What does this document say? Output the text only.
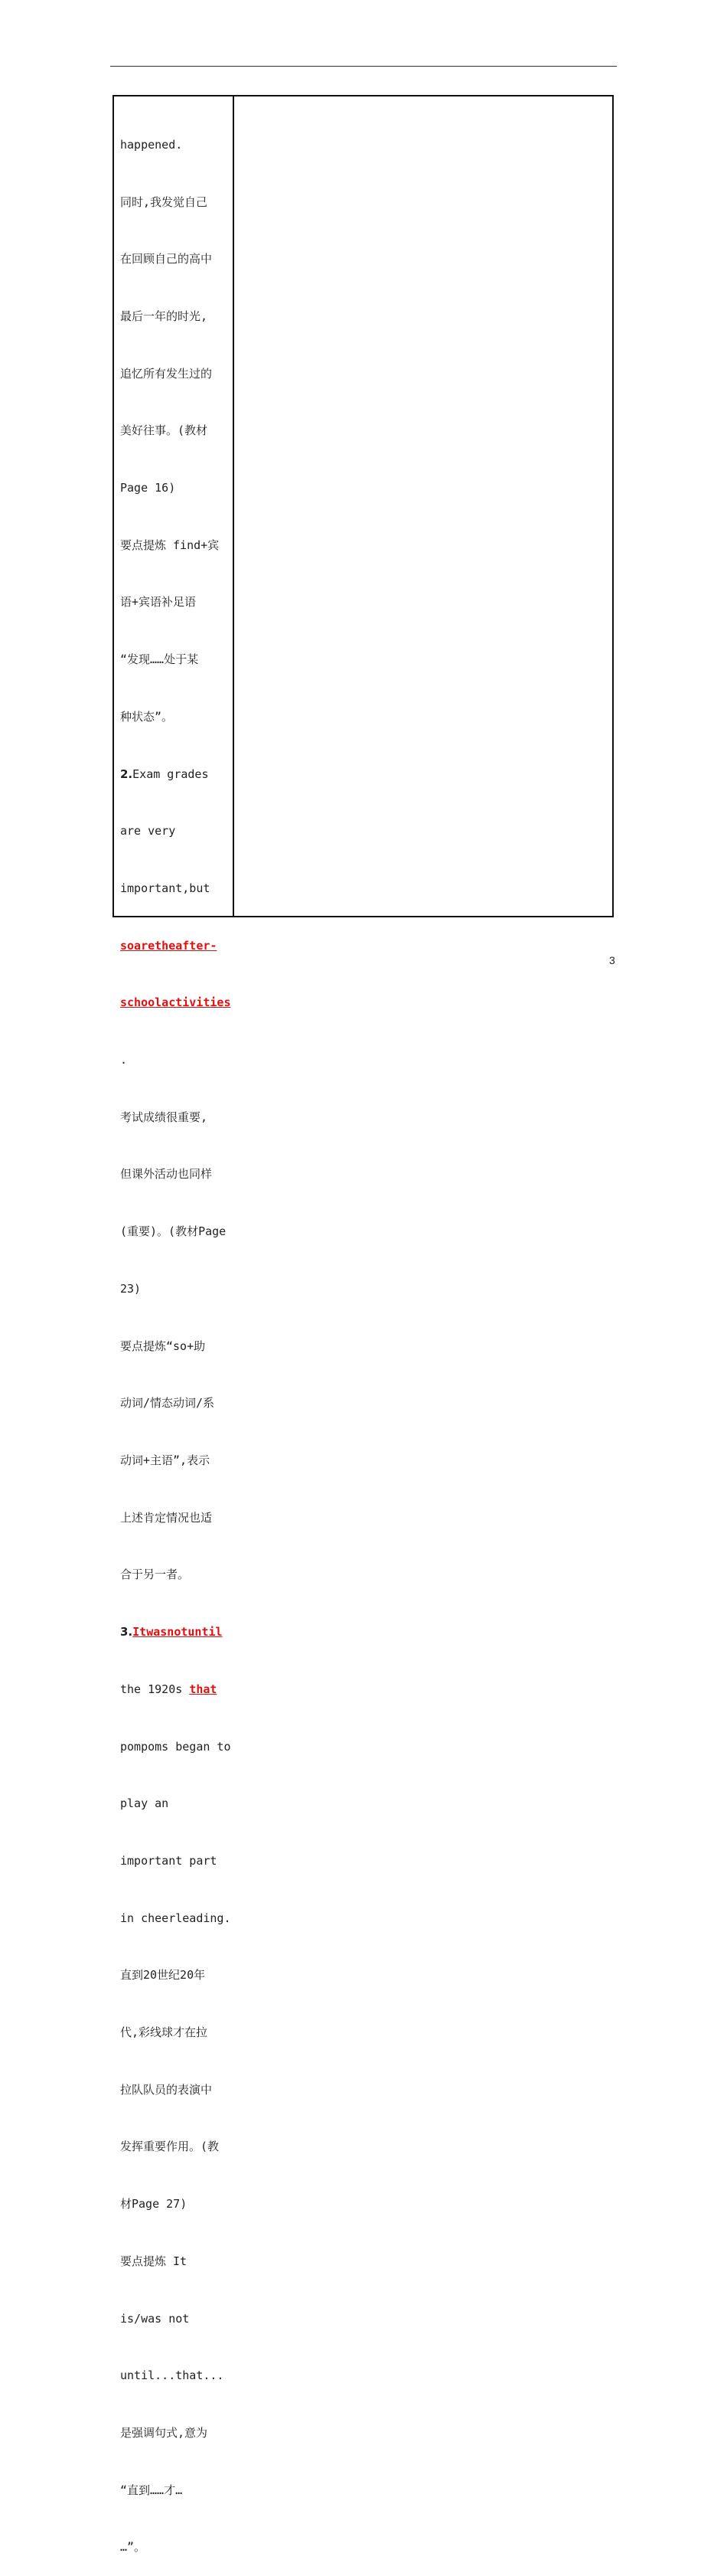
happened.

同时,我发觉自己

在回顾自己的高中

最后一年的时光,

追忆所有发生过的

美好往事。(教材

Page 16)

要点提炼 find+宾

语+宾语补足语

“发现……处于某

种状态”。

2.Exam grades

are very

important,but

soaretheafter-

schoolactivities

.

考试成绩很重要,

但课外活动也同样

(重要)。(教材Page

23)

要点提炼“so+助

动词/情态动词/系

动词+主语”,表示

上述肯定情况也适

合于另一者。

3.Itwasnotuntil

the 1920s that

pompoms began to

play an

important part

in cheerleading.

直到20世纪20年

代,彩线球才在拉

拉队队员的表演中

发挥重要作用。(教

材Page 27)

要点提炼 It

is/was not

until...that...

是强调句式,意为

“直到……才…

…”。

3
